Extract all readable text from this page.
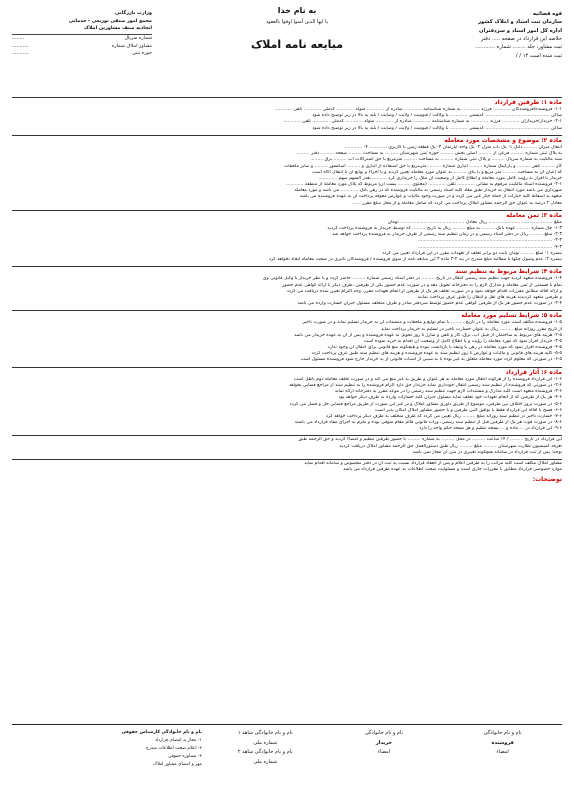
قوه قضائیه
سازمان ثبت اسناد و املاک کشور
اداره کل امور اسناد و سردفتران
خلاصه این قرارداد در صفحه ..... دفتر
ثبت مشاور، جلد ........ شماره ............
ثبت شده است ۱۴ / /
به نام خدا
یا ایها الذین آمنوا اوفوا بالعقود
مبایعه نامه املاک
وزارت بازرگانی
مجمع امور صنفی توزیعی - خدماتی
اتحادیه صنف مشاورین املاک
شماره سریال
........
مشاور املاک شماره
...........
حوزه ثبتی
...........
ماده ۱: طرفین قرارداد
۱-۱- فروشنده/فروشندگان ............ فرزند ............ به شماره شناسنامه ............ صادره از ............ متولد ............ کدملی ............ تلفن ............
ساکن ............................................ کدپستی ............ با وکالت / قیومیت / ولایت / وصایت / بلند به بالا در زیر توضیح داده شود
۲-۱- خریدار/خریداران ............ فرزند ............ به شماره شناسنامه ............ صادره از ............ متولد ............ کدملی ............ تلفن ............
ساکن ............................................ کدپستی ............ با وکالت / قیومیت / ولایت / وصایت / بلند به بالا در زیر توضیح داده شود
ماده ۲: موضوع و مشخصات مورد معامله
انتقال میزان ......... دانگ ۱- یک باب منزل ۲- یک واحد آپارتمان ۳- یک قطعه زمین با کاربری ............ ۴- ............
به پلاک ثبتی شماره ......... فرعی از ......... اصلی بخش ......... حوزه ثبتی شهرستان ......... به مساحت ......... صفحه ......... دفتر .........
سند مالکیت به شماره سریال ......... و پلاک ثبتی شماره ......... به مساحت ......... مترمربع با حق اشتراکات آب ......... برق .........
گاز ......... تلفن ......... و پارکینگ شماره ......... انباری شماره ......... مترمربع با حق استفاده از انباری و ......... آسانسور ......... و سایر ملحقات
که اعیان آن به مساحت ......... متر مربع و با بنای ......... به عنوان مورد معامله تعیین گردید و با اجزاء و توابع آن با انتقال آگاه است
خریدار با اقرار به رؤیت کامل مورد معامله و اطلاع کامل از وضعیت آن ملک را خریداری کرد .......... بقدر السهم سهم .............
۲-۱- فروشنده اسناد مالکیت مرقوم به نشانی ............ تلفن ............ (محتوی ......... پست آن) مربوط که پلاک مورد معامله از منطقه ............
شهرداری می باشد مورد انتقال به خریدار طبق مفاد کلیه اسناد رسمی به مالکیت فروشنده که در رهن بانک ............ می باشد و مورد معامله
متعهد به اسقاط کلیه خیارات از جمله خیار غبن می گردد و در صورت وجود مالیات و عوارض معوقه پرداخت آن به عهده فروشنده می باشد
معادل ۲ درصد به عنوان حق الزحمه مشاور املاک پرداخت می گردد که شامل معامله و از محل مبلغ مقرر ......
ماده ۳: ثمن معامله
مبلغ ............................................ ریال معادل ............................................ تومان
۱-۳- چک شماره ......... عهده بانک ......... به مبلغ ......... ریال به تاریخ ......... که توسط خریدار به فروشنده پرداخت گردید
۲-۳- مبلغ ......... ریال در دفتر اسناد رسمی و در زمان تنظیم سند رسمی از طرف خریدار به فروشنده پرداخت خواهد شد
۳-۳- ............................................................................................
۴-۳- ............................................................................................
تبصره ۱: مبلغ ......... تومان بابت دو برابر تخلف از تعهدات مقرر در این قرارداد تعیین می گردد
تبصره ۲: عدم وصول چکها یا مطالبه مبلغ مندرج در بند ۲-۳ ماده ۳ این مبایعه نامه از سوی فروشنده / فروشندگان تأثیری در صحت معامله ایجاد نخواهد کرد
ماده ۴: شرایط مربوط به تنظیم سند
۱-۴- فروشنده متعهد گردید جهت تنظیم سند رسمی انتقال در تاریخ ......... در دفتر اسناد رسمی شماره ......... حاضر گردد و با نظر خریدار یا وکیل قانونی وی
تمام یا قسمتی از ثمن معامله و مدارک لازم را به دفترخانه تحویل دهد و در صورت عدم حضور یکی از طرفین، طرف دیگر با ارائه گواهی عدم حضور
و ارائه اقاله مطابق مقررات اقدام خواهد نمود و در صورت تخلف هر یک از طرفین از انجام تعهدات مقرر، وجه التزام تعیین شده دریافت می گردد
و طرفین متعهد گردیدند هزینه های نقل و انتقال را طبق عرف پرداخت نمایند
۲-۴- در صورت عدم حضور هر یک از طرفین گواهی عدم حضور توسط سردفتر صادر و طرف متخلف مسئول جبران خسارت وارده می باشد
ماده ۵: شرایط تسلیم مورد معامله
۱-۵- فروشنده مکلف است مورد معامله را در تاریخ ......... با تمام توابع و ملحقات و منضمات آن به خریدار تسلیم نماید و در صورت تأخیر
از تاریخ مقرر روزانه مبلغ ......... ریال به عنوان خسارت تأخیر در تسلیم به خریدار پرداخت نماید
۲-۵- هزینه های مربوط به ساختمان از قبیل آب، برق، گاز و تلفن و شارژ تا روز تحویل به عهده فروشنده و پس از آن به عهده خریدار می باشد
۳-۵- خریدار اقرار نمود که مورد معامله را رؤیت و با اطلاع کامل از وضعیت آن اقدام به خرید نموده است
۴-۵- فروشنده اقرار نمود که مورد معامله در رهن یا وثیقه یا بازداشت نبوده و هیچگونه منع قانونی برای انتقال آن وجود ندارد
۵-۵- کلیه هزینه های قانونی و مالیات و عوارض تا روز تنظیم سند به عهده فروشنده و هزینه های تنظیم سند طبق عرف پرداخت گردد
۶-۵- در صورتی که معلوم گردد مورد معامله متعلق به غیر بوده یا به سببی از اسباب قانونی از ید خریدار خارج شود فروشنده مسئول است
ماده ۶: آثار قرارداد
۱-۶- این قرارداد فروشنده را از هرگونه انتقال مورد معامله به هر عنوان و طریق به غیر منع می کند و در صورت تخلف معامله دوم باطل است
۲-۶- در صورتی که فروشنده از تنظیم سند رسمی انتقال خودداری نماید خریدار حق دارد الزام فروشنده را به تنظیم سند از مراجع قضایی بخواهد
۳-۶- فروشنده متعهد است کلیه مدارک و مستندات لازم جهت تنظیم سند رسمی را در موعد مقرر به دفترخانه ارائه نماید
۴-۶- هر یک از طرفین که از انجام تعهدات خود تخلف نماید مسئول جبران کلیه خسارات وارده به طرف دیگر خواهد بود
۵-۶- در صورت بروز اختلاف بین طرفین، موضوع از طریق داوری مشاور املاک و در غیر این صورت از طریق مراجع قضایی حل و فصل می گردد
۶-۶- فسخ یا اقاله این قرارداد فقط با توافق کتبی طرفین و با حضور مشاور املاک امکان پذیر است
۷-۶- خسارت تأخیر در تنظیم سند روزانه مبلغ ......... ریال تعیین می گردد که طرف متخلف به طرف دیگر پرداخت خواهد کرد
۸-۶- در صورت فوت هر یک از طرفین قبل از تنظیم سند رسمی، وراث قانونی قائم مقام متوفی بوده و ملزم به اجرای مفاد قرارداد می باشند
۹-۶- این قرارداد در ... ماده و ... نسخه تنظیم و هر نسخه حکم واحد را دارد
این قرارداد در تاریخ ......... / ۱۴ ساعت ......... در محل ......... به شماره ......... با حضور طرفین تنظیم و امضاء گردید و حق الزحمه طبق
تعرفه کمیسیون نظارت شهرستان ......... مبلغ ......... ریال طبق دستورالعمل حق الزحمه مشاور املاک دریافت گردید
توجه: پس از ثبت قرارداد در سامانه هیچگونه تغییری در متن آن مجاز نمی باشد
مشاور املاک مکلف است کلیه مراتب را به طرفین اعلام و پس از انعقاد قرارداد نسبت به ثبت آن در دفتر مخصوص و سامانه اقدام نماید
موارد خصوصی قرارداد مطابق با مقررات جاری است و مسئولیت صحت اطلاعات به عهده طرفین قرارداد می باشد
توضیحات:
نام و نام خانوادگی
فروشنده
امضاء
نام و نام خانوادگی
خریدار
امضاء
نام و نام خانوادگی شاهد ۱
شماره ملی
نام و نام خانوادگی شاهد ۲
شماره ملی
نام و نام خانوادگی کارشناس حقوقی
۱- مجاز به امضای قرارداد
۲- اعلام صحت اطلاعات مندرج
۳- مشاوره حقوقی
مهر و امضای مشاور املاک
